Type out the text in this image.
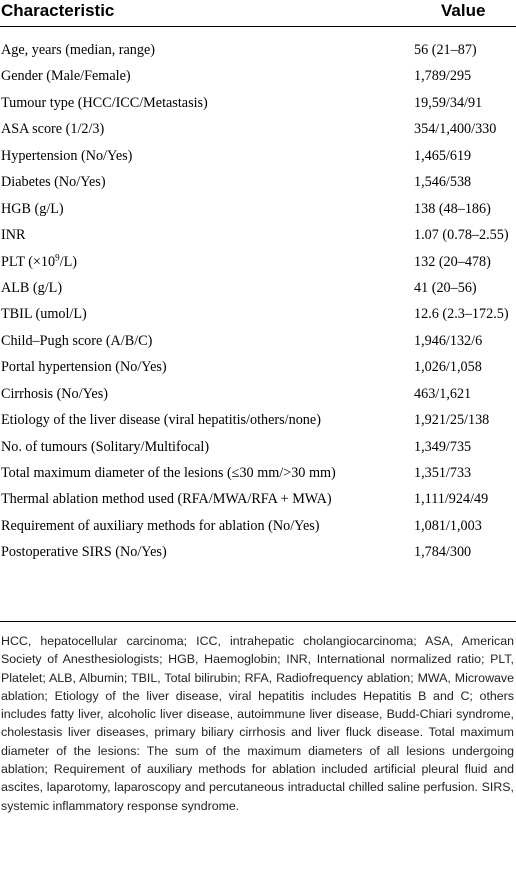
Characteristic	Value
Age, years (median, range)	56 (21–87)
Gender (Male/Female)	1,789/295
Tumour type (HCC/ICC/Metastasis)	19,59/34/91
ASA score (1/2/3)	354/1,400/330
Hypertension (No/Yes)	1,465/619
Diabetes (No/Yes)	1,546/538
HGB (g/L)	138 (48–186)
INR	1.07 (0.78–2.55)
PLT $(\times 10^9/L)$	132 (20–478)
ALB (g/L)	41 (20–56)
TBIL (umol/L)	12.6 (2.3–172.5)
Child–Pugh score (A/B/C)	1,946/132/6
Portal hypertension (No/Yes)	1,026/1,058
Cirrhosis (No/Yes)	463/1,621
Etiology of the liver disease (viral hepatitis/others/none)	1,921/25/138
No. of tumours (Solitary/Multifocal)	1,349/735
Total maximum diameter of the lesions (≤30 mm/>30 mm)	1,351/733
Thermal ablation method used (RFA/MWA/RFA + MWA)	1,111/924/49
Requirement of auxiliary methods for ablation (No/Yes)	1,081/1,003
Postoperative SIRS (No/Yes)	1,784/300
HCC, hepatocellular carcinoma; ICC, intrahepatic cholangiocarcinoma; ASA, American Society of Anesthesiologists; HGB, Haemoglobin; INR, International normalized ratio; PLT, Platelet; ALB, Albumin; TBIL, Total bilirubin; RFA, Radiofrequency ablation; MWA, Microwave ablation; Etiology of the liver disease, viral hepatitis includes Hepatitis B and C; others includes fatty liver, alcoholic liver disease, autoimmune liver disease, Budd-Chiari syndrome, cholestasis liver diseases, primary biliary cirrhosis and liver fluck disease. Total maximum diameter of the lesions: The sum of the maximum diameters of all lesions undergoing ablation; Requirement of auxiliary methods for ablation included artificial pleural fluid and ascites, laparotomy, laparoscopy and percutaneous intraductal chilled saline perfusion. SIRS, systemic inflammatory response syndrome.
